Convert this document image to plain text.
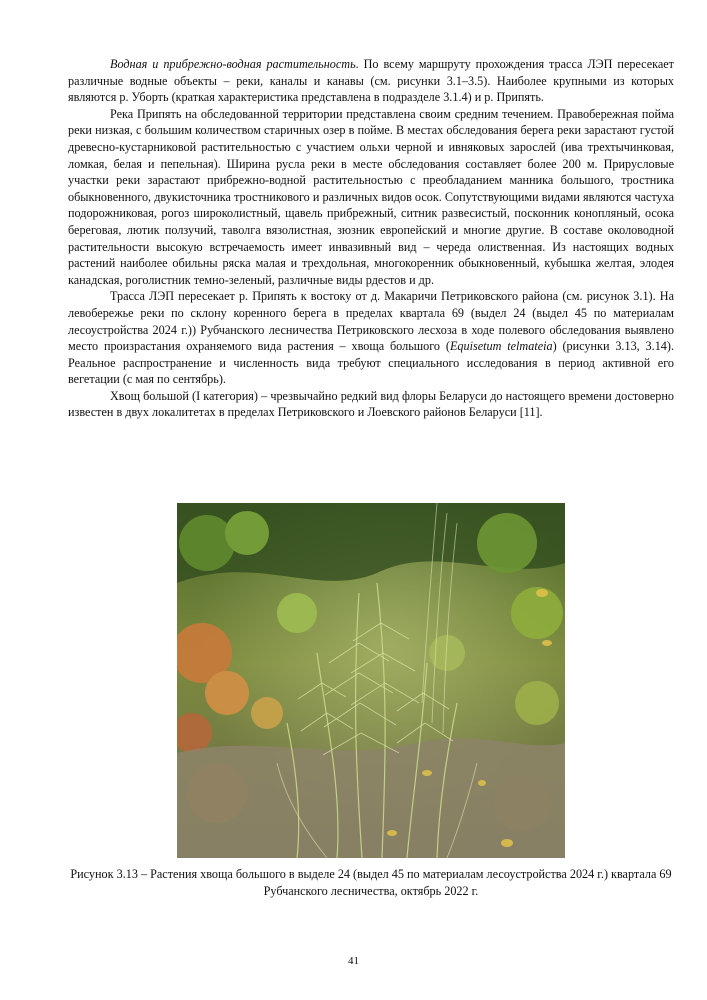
Водная и прибрежно-водная растительность. По всему маршруту прохождения трасса ЛЭП пересекает различные водные объекты – реки, каналы и канавы (см. рисунки 3.1–3.5). Наиболее крупными из которых являются р. Уборть (краткая характеристика представлена в подразделе 3.1.4) и р. Припять.

Река Припять на обследованной территории представлена своим средним течением. Правобережная пойма реки низкая, с большим количеством старичных озер в пойме. В местах обследования берега реки зарастают густой древесно-кустарниковой растительностью с участием ольхи черной и ивняковых зарослей (ива трехтычинковая, ломкая, белая и пепельная). Ширина русла реки в месте обследования составляет более 200 м. Прирусловые участки реки зарастают прибрежно-водной растительностью с преобладанием манника большого, тростника обыкновенного, двукисточника тростникового и различных видов осок. Сопутствующими видами являются частуха подорожниковая, рогоз широколистный, щавель прибрежный, ситник развесистый, посконник конопляный, осока береговая, лютик ползучий, таволга вязолистная, зюзник европейский и многие другие. В составе околоводной растительности высокую встречаемость имеет инвазивный вид – череда олиственная. Из настоящих водных растений наиболее обильны ряска малая и трехдольная, многокоренник обыкновенный, кубышка желтая, элодея канадская, роголистник темно-зеленый, различные виды рдестов и др.

Трасса ЛЭП пересекает р. Припять к востоку от д. Макаричи Петриковского района (см. рисунок 3.1). На левобережье реки по склону коренного берега в пределах квартала 69 (выдел 24 (выдел 45 по материалам лесоустройства 2024 г.)) Рубчанского лесничества Петриковского лесхоза в ходе полевого обследования выявлено место произрастания охраняемого вида растения – хвоща большого (Equisetum telmateia) (рисунки 3.13, 3.14). Реальное распространение и численность вида требуют специального исследования в период активной его вегетации (с мая по сентябрь).

Хвощ большой (I категория) – чрезвычайно редкий вид флоры Беларуси до настоящего времени достоверно известен в двух локалитетах в пределах Петриковского и Лоевского районов Беларуси [11].

Рисунок 3.13 – Растения хвоща большого в выделе 24 (выдел 45 по материалам лесоустройства 2024 г.) квартала 69 Рубчанского лесничества, октябрь 2022 г.
41
